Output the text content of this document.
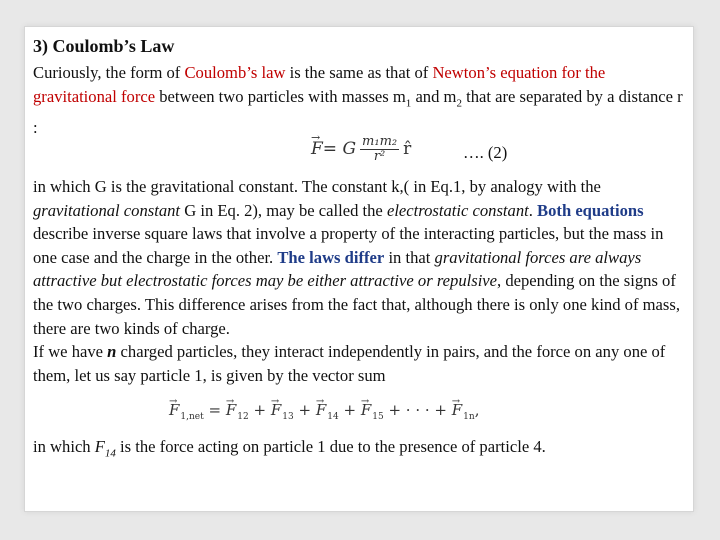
3) Coulomb’s Law

Curiously, the form of Coulomb’s law is the same as that of Newton’s equation for the gravitational force between two particles with masses $m_1$ and $m_2$ that are separated by a distance r :

→ F = G $\frac{\text{m₁m₂}}{\text{r²}}$ r̂	…. (2)

in which G is the gravitational constant. The constant k,( in Eq.1, by analogy with the gravitational constant G in Eq. 2), may be called the electrostatic constant. Both equations describe inverse square laws that involve a property of the interacting particles, but the mass in one case and the charge in the other. The laws differ in that gravitational forces are always attractive but electrostatic forces may be either attractive or repulsive, depending on the signs of the two charges. This difference arises from the fact that, although there is only one kind of mass, there are two kinds of charge.

If we have n charged particles, they interact independently in pairs, and the force on any one of them, let us say particle 1, is given by the vector sum

→ $F_{1,net}$ = → $F_{12}$ + → $F_{13}$ + → $F_{14}$ + → $F_{15}$ + · · · + → $F_{1n}$,

in which $F_{14}$ is the force acting on particle 1 due to the presence of particle 4.
